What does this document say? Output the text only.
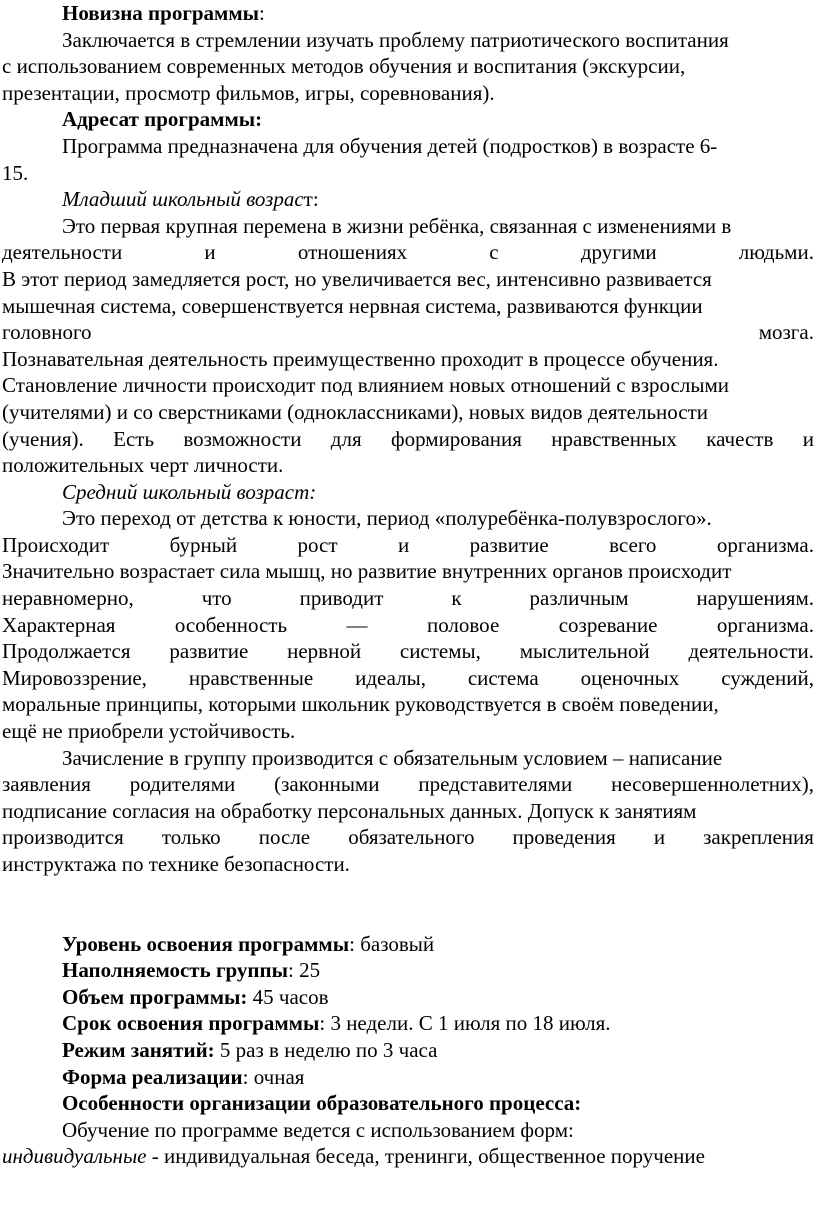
Новизна программы:
Заключается в стремлении изучать проблему патриотического воспитания
с использованием современных методов обучения и воспитания (экскурсии,
презентации, просмотр фильмов, игры, соревнования).
Адресат программы:
Программа предназначена для обучения детей (подростков) в возрасте 6-
15.
Младший школьный возраст:
Это первая крупная перемена в жизни ребёнка, связанная с изменениями в
деятельности	и	отношениях	с	другими	людьми.
В этот период замедляется рост, но увеличивается вес, интенсивно развивается
мышечная система, совершенствуется нервная система, развиваются функции
головного	мозга.
Познавательная деятельность преимущественно проходит в процессе обучения.
Становление личности происходит под влиянием новых отношений с взрослыми
(учителями) и со сверстниками (одноклассниками), новых видов деятельности
(учения). Есть возможности для формирования нравственных качеств и
положительных черт личности.
Средний школьный возраст:
Это переход от детства к юности, период «полуребёнка-полувзрослого».
Происходит	бурный	рост	и	развитие	всего	организма.
Значительно возрастает сила мышц, но развитие внутренних органов происходит
неравномерно,	что	приводит	к	различным	нарушениям.
Характерная	особенность	—	половое	созревание	организма.
Продолжается развитие нервной системы, мыслительной деятельности.
Мировоззрение, нравственные идеалы, система оценочных суждений,
моральные принципы, которыми школьник руководствуется в своём поведении,
ещё не приобрели устойчивость.
Зачисление в группу производится с обязательным условием – написание
заявления родителями (законными представителями несовершеннолетних),
подписание согласия на обработку персональных данных. Допуск к занятиям
производится только после обязательного проведения и закрепления
инструктажа по технике безопасности.
Уровень освоения программы: базовый
Наполняемость группы: 25
Объем программы: 45 часов
Срок освоения программы: 3 недели. С 1 июля по 18 июля.
Режим занятий: 5 раз в неделю по 3 часа
Форма реализации: очная
Особенности организации образовательного процесса:
Обучение по программе ведется с использованием форм:
индивидуальные - индивидуальная беседа, тренинги, общественное поручение
